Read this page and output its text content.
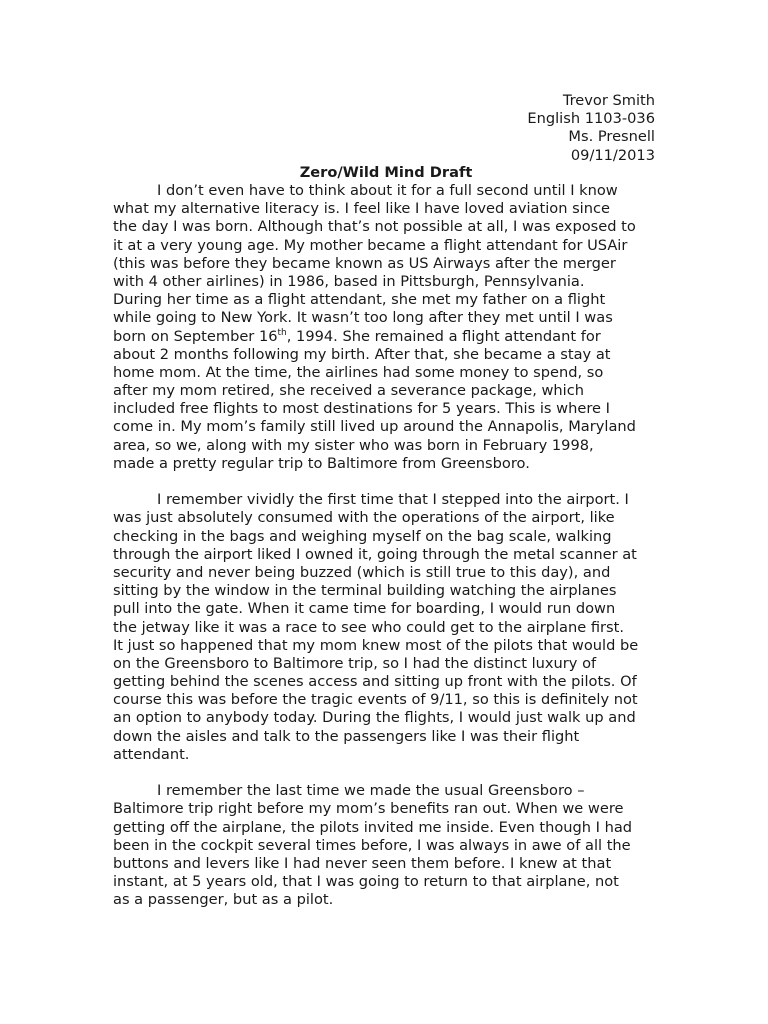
Trevor Smith
English 1103-036
Ms. Presnell
09/11/2013
Zero/Wild Mind Draft
I don’t even have to think about it for a full second until I know
what my alternative literacy is. I feel like I have loved aviation since
the day I was born. Although that’s not possible at all, I was exposed to
it at a very young age. My mother became a flight attendant for USAir
(this was before they became known as US Airways after the merger
with 4 other airlines) in 1986, based in Pittsburgh, Pennsylvania.
During her time as a flight attendant, she met my father on a flight
while going to New York. It wasn’t too long after they met until I was
born on September 16th, 1994. She remained a flight attendant for
about 2 months following my birth. After that, she became a stay at
home mom. At the time, the airlines had some money to spend, so
after my mom retired, she received a severance package, which
included free flights to most destinations for 5 years. This is where I
come in. My mom’s family still lived up around the Annapolis, Maryland
area, so we, along with my sister who was born in February 1998,
made a pretty regular trip to Baltimore from Greensboro.
I remember vividly the first time that I stepped into the airport. I
was just absolutely consumed with the operations of the airport, like
checking in the bags and weighing myself on the bag scale, walking
through the airport liked I owned it, going through the metal scanner at
security and never being buzzed (which is still true to this day), and
sitting by the window in the terminal building watching the airplanes
pull into the gate. When it came time for boarding, I would run down
the jetway like it was a race to see who could get to the airplane first.
It just so happened that my mom knew most of the pilots that would be
on the Greensboro to Baltimore trip, so I had the distinct luxury of
getting behind the scenes access and sitting up front with the pilots. Of
course this was before the tragic events of 9/11, so this is definitely not
an option to anybody today. During the flights, I would just walk up and
down the aisles and talk to the passengers like I was their flight
attendant.
I remember the last time we made the usual Greensboro –
Baltimore trip right before my mom’s benefits ran out. When we were
getting off the airplane, the pilots invited me inside. Even though I had
been in the cockpit several times before, I was always in awe of all the
buttons and levers like I had never seen them before. I knew at that
instant, at 5 years old, that I was going to return to that airplane, not
as a passenger, but as a pilot.
